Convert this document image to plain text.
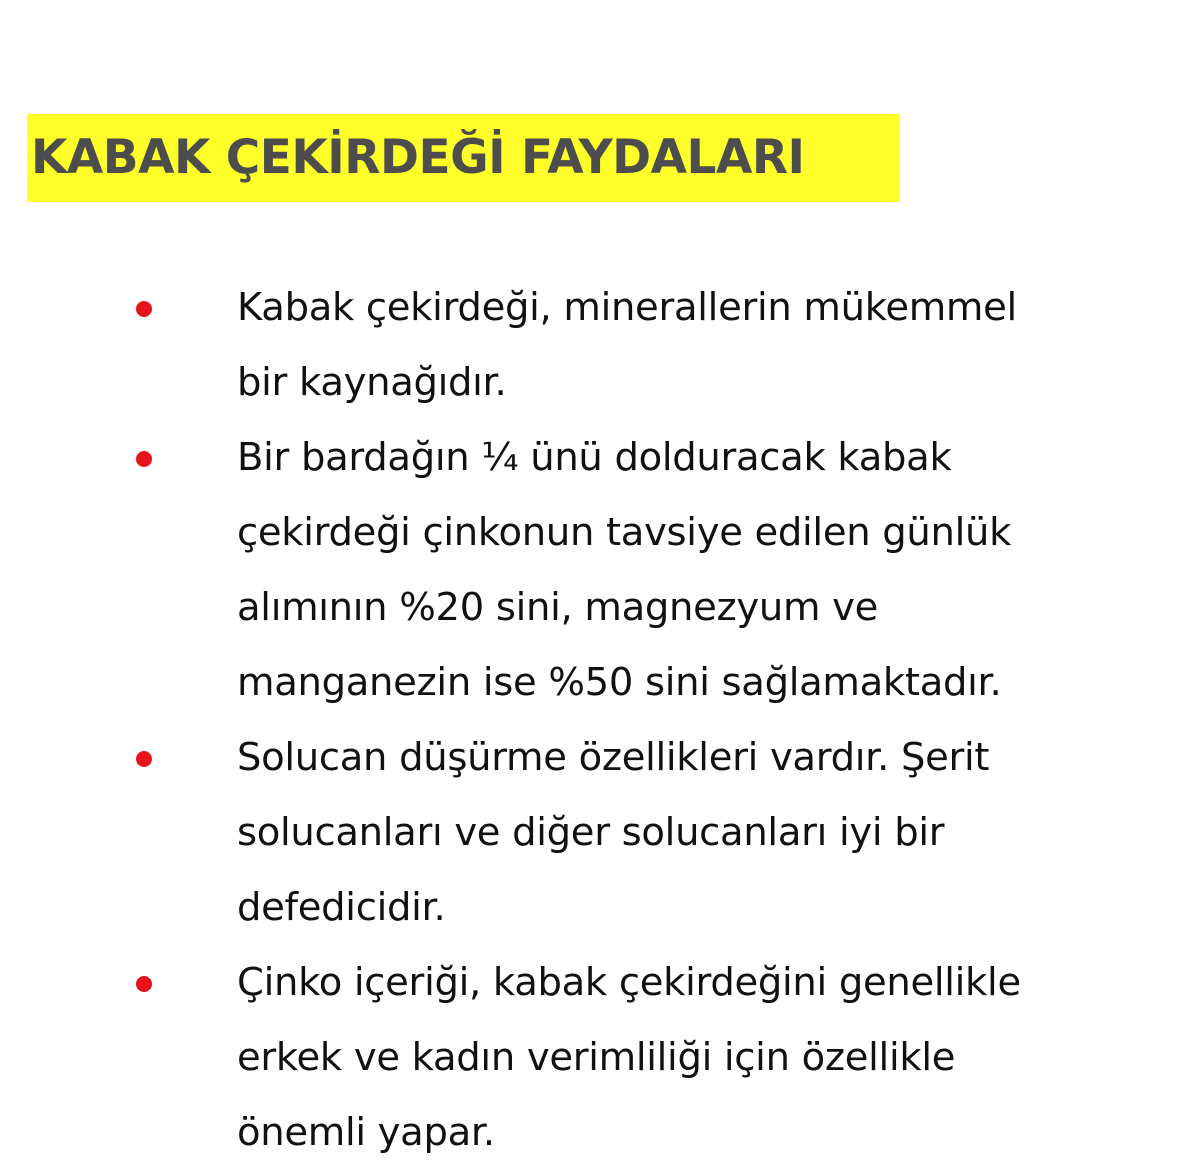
KABAK ÇEKİRDEĞİ FAYDALARI
Kabak çekirdeği, minerallerin mükemmel
bir kaynağıdır.
Bir bardağın ¼ ünü dolduracak kabak
çekirdeği çinkonun tavsiye edilen günlük
alımının %20 sini, magnezyum ve
manganezin ise %50 sini sağlamaktadır.
Solucan düşürme özellikleri vardır. Şerit
solucanları ve diğer solucanları iyi bir
defedicidir.
Çinko içeriği, kabak çekirdeğini genellikle
erkek ve kadın verimliliği için özellikle
önemli yapar.
